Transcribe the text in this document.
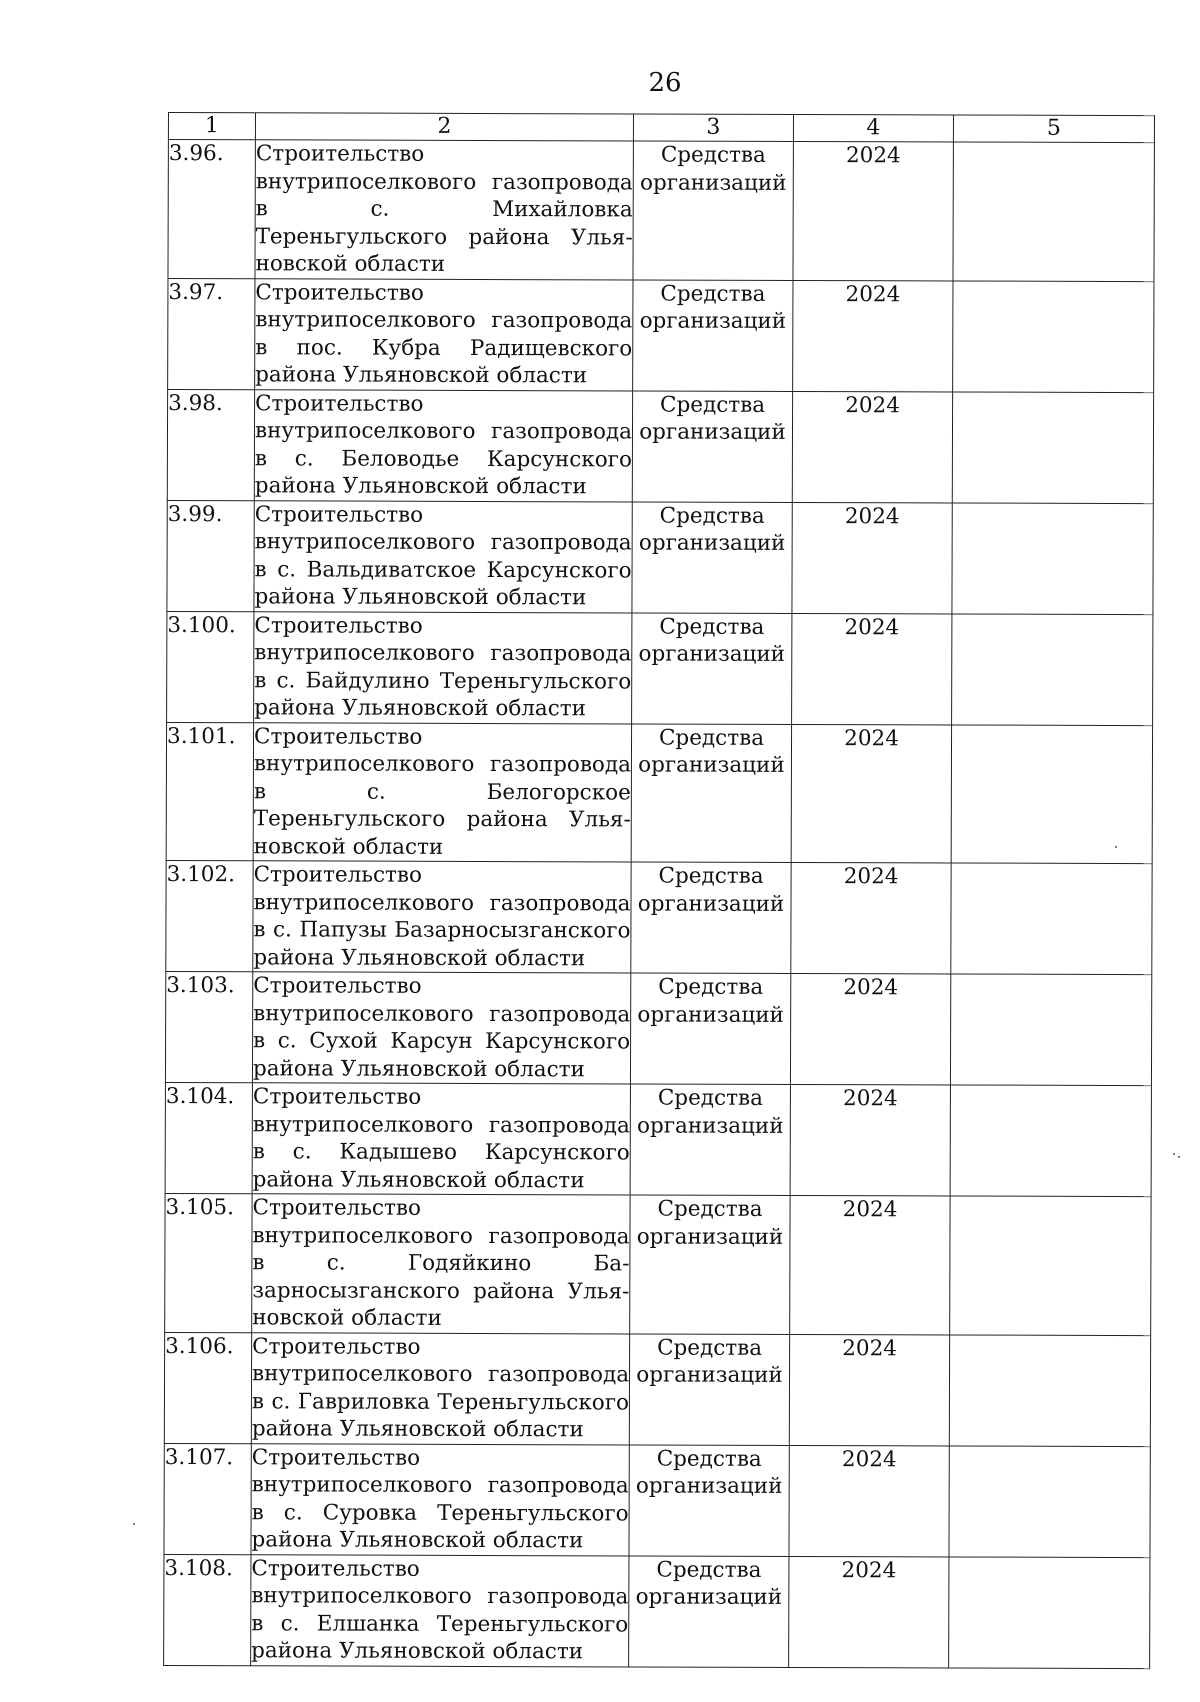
26
1	2	3	4	5
3.96.	Строительство внутрипоселкового газопровода в с. Михайловка Тереньгульского района Ульяновской области	Средства организаций	2024	
3.97.	Строительство внутрипоселкового газопровода в пос. Кубра Радищевского района Ульяновской области	Средства организаций	2024	
3.98.	Строительство внутрипоселкового газопровода в с. Беловодье Карсунского района Ульяновской области	Средства организаций	2024	
3.99.	Строительство внутрипоселкового газопровода в с. Вальдиватское Карсунского района Ульяновской области	Средства организаций	2024	
3.100.	Строительство внутрипоселкового газопровода в с. Байдулино Тереньгульского района Ульяновской области	Средства организаций	2024	
3.101.	Строительство внутрипоселкового газопровода в с. Белогорское Тереньгульского района Ульяновской области	Средства организаций	2024	
3.102.	Строительство внутрипоселкового газопровода в с. Папузы Базарносызганского района Ульяновской области	Средства организаций	2024	
3.103.	Строительство внутрипоселкового газопровода в с. Сухой Карсун Карсунского района Ульяновской области	Средства организаций	2024	
3.104.	Строительство внутрипоселкового газопровода в с. Кадышево Карсунского района Ульяновской области	Средства организаций	2024	
3.105.	Строительство внутрипоселкового газопровода в с. Годяйкино Базарносызганского района Ульяновской области	Средства организаций	2024	
3.106.	Строительство внутрипоселкового газопровода в с. Гавриловка Тереньгульского района Ульяновской области	Средства организаций	2024	
3.107.	Строительство внутрипоселкового газопровода в с. Суровка Тереньгульского района Ульяновской области	Средства организаций	2024	
3.108.	Строительство внутрипоселкового газопровода в с. Елшанка Тереньгульского района Ульяновской области	Средства организаций	2024	
